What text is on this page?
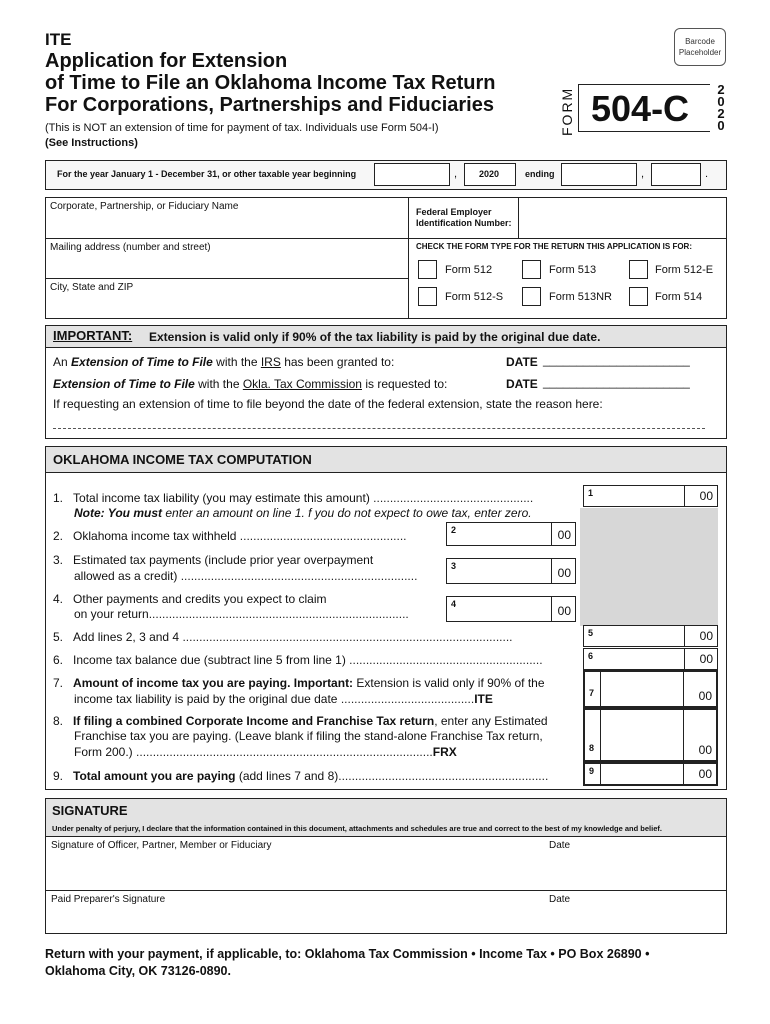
ITE
Application for Extension
of Time to File an Oklahoma Income Tax Return
For Corporations, Partnerships and Fiduciaries
(This is NOT an extension of time for payment of tax. Individuals use Form 504-I)
(See Instructions)
Barcode Placeholder
FORM 504-C 2
0
2
0
For the year January 1 - December 31, or other taxable year beginning	, 2020	ending	,	.
Corporate, Partnership, or Fiduciary Name
Mailing address (number and street)
City, State and ZIP
Federal Employer
Identification Number:
CHECK THE FORM TYPE FOR THE RETURN THIS APPLICATION IS FOR:
Form 512	Form 513	Form 512-E
Form 512-S	Form 513NR	Form 514
IMPORTANT: Extension is valid only if 90% of the tax liability is paid by the original due date.
An Extension of Time to File with the IRS has been granted to:	DATE ______________________
Extension of Time to File with the Okla. Tax Commission is requested to:	DATE ______________________
If requesting an extension of time to file beyond the date of the federal extension, state the reason here:
OKLAHOMA INCOME TAX COMPUTATION
1. Total income tax liability (you may estimate this amount) ................................................
Note: You must enter an amount on line 1. f you do not expect to owe tax, enter zero.
1	00
2. Oklahoma income tax withheld ..................................................	2	00
3. Estimated tax payments (include prior year overpayment
allowed as a credit) .......................................................................
3	00
4. Other payments and credits you expect to claim
on your return..............................................................................
4	00
5. Add lines 2, 3 and 4 ...................................................................................................	5	00
6. Income tax balance due (subtract line 5 from line 1) ..........................................................	6	00
7. Amount of income tax you are paying. Important: Extension is valid only if 90% of the
income tax liability is paid by the original due date ........................................ITE	7	00
8. If filing a combined Corporate Income and Franchise Tax return, enter any Estimated
Franchise tax you are paying. (Leave blank if filing the stand-alone Franchise Tax return,
Form 200.) .........................................................................................FRX	8	00
9. Total amount you are paying (add lines 7 and 8)...............................................................	9	00
SIGNATURE
Under penalty of perjury, I declare that the information contained in this document, attachments and schedules are true and correct to the best of my knowledge and belief.
Signature of Officer, Partner, Member or Fiduciary	Date
Paid Preparer's Signature	Date
Return with your payment, if applicable, to: Oklahoma Tax Commission • Income Tax • PO Box 26890 •
Oklahoma City, OK 73126-0890.
